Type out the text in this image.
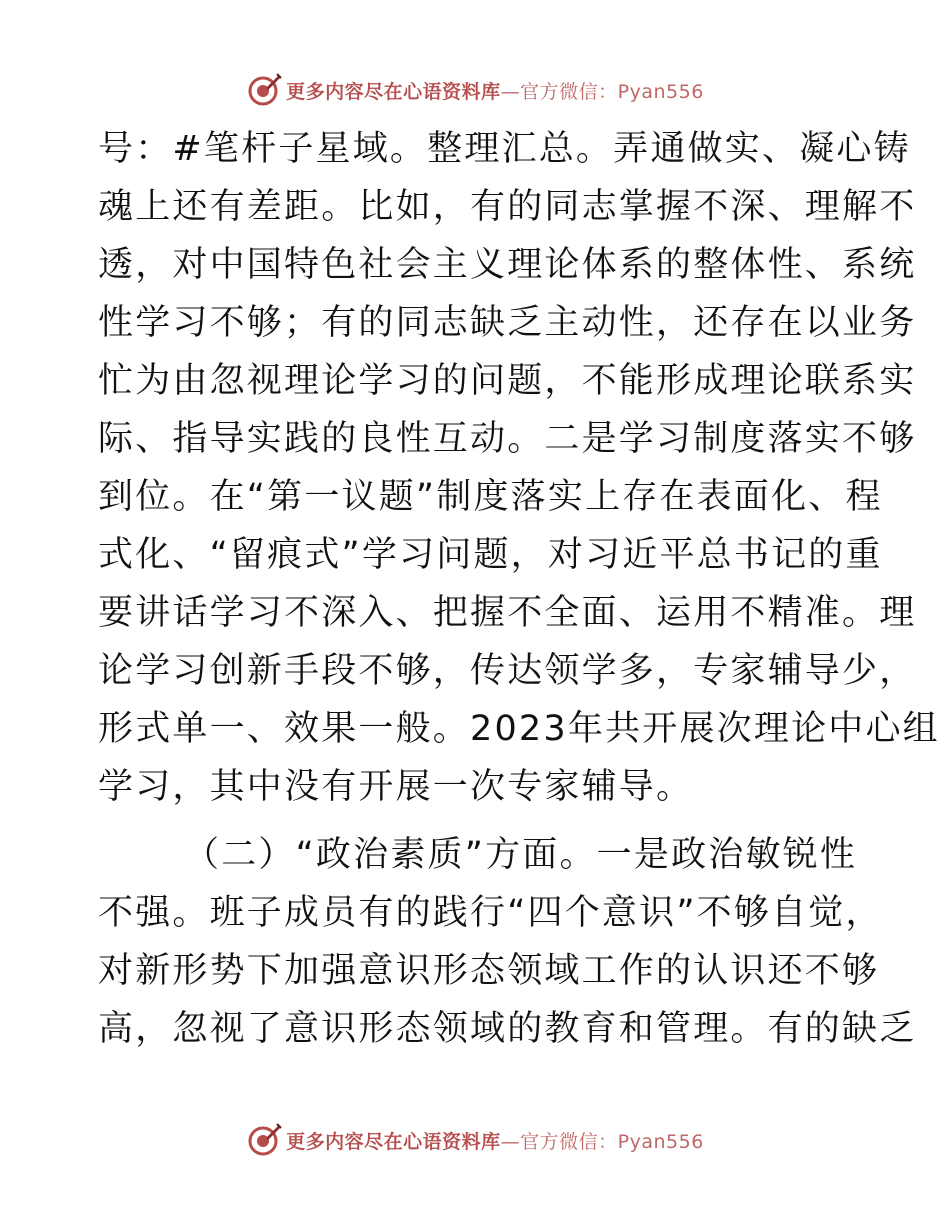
更多内容尽在心语资料库 —官方微信：Pyan556
号：#笔杆子星域。整理汇总。弄通做实、凝心铸
魂上还有差距。比如，有的同志掌握不深、理解不
透，对中国特色社会主义理论体系的整体性、系统
性学习不够；有的同志缺乏主动性，还存在以业务
忙为由忽视理论学习的问题，不能形成理论联系实
际、指导实践的良性互动。二是学习制度落实不够
到位。在“第一议题”制度落实上存在表面化、程
式化、“留痕式”学习问题，对习近平总书记的重
要讲话学习不深入、把握不全面、运用不精准。理
论学习创新手段不够，传达领学多，专家辅导少，
形式单一、效果一般。2023年共开展次理论中心组
学习，其中没有开展一次专家辅导。
（二）“政治素质”方面。一是政治敏锐性
不强。班子成员有的践行“四个意识”不够自觉，
对新形势下加强意识形态领域工作的认识还不够
高，忽视了意识形态领域的教育和管理。有的缺乏
更多内容尽在心语资料库 —官方微信：Pyan556
